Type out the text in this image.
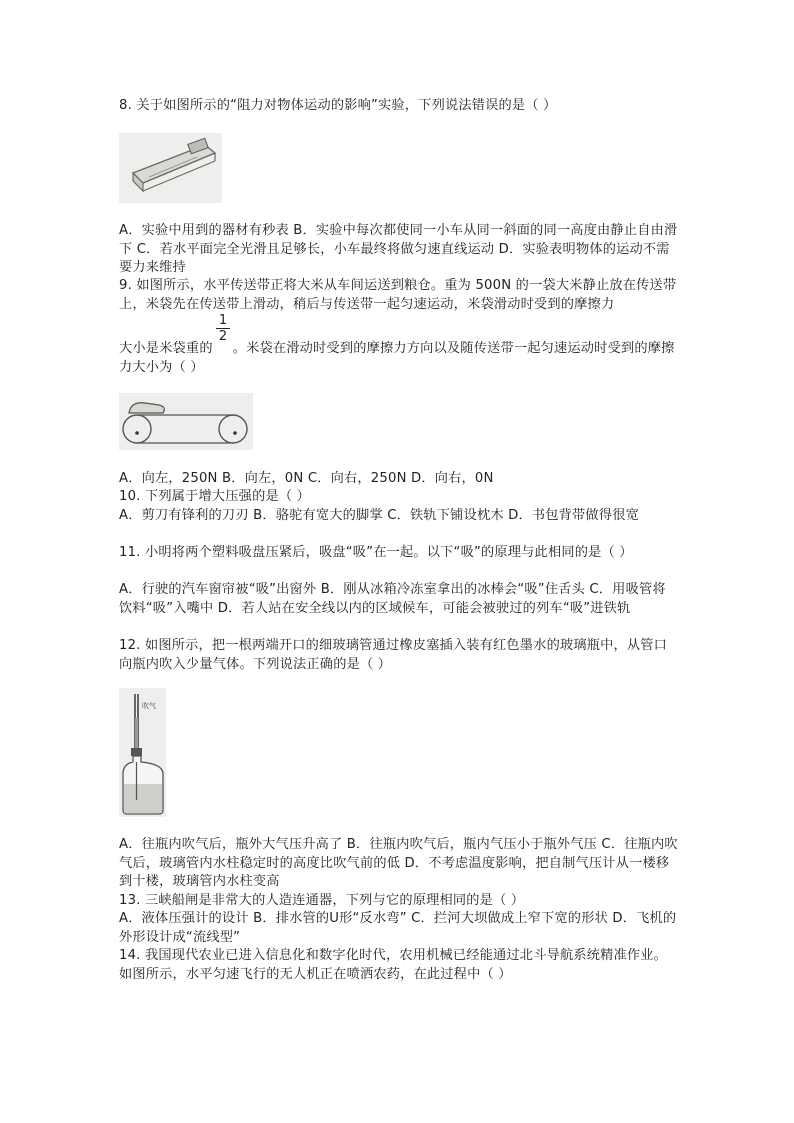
8. 关于如图所示的“阻力对物体运动的影响”实验，下列说法错误的是（ ）
A．实验中用到的器材有秒表 B．实验中每次都使同一小车从同一斜面的同一高度由静止自由滑下 C．若水平面完全光滑且足够长，小车最终将做匀速直线运动 D．实验表明物体的运动不需要力来维持
9. 如图所示，水平传送带正将大米从车间运送到粮仓。重为 500N 的一袋大米静止放在传送带上，米袋先在传送带上滑动，稍后与传送带一起匀速运动，米袋滑动时受到的摩擦力
1
2
大小是米袋重的 。米袋在滑动时受到的摩擦力方向以及随传送带一起匀速运动时受到的摩擦力大小为（ ）
A．向左，250N B．向左，0N C．向右，250N D．向右，0N
10. 下列属于增大压强的是（ ）
A．剪刀有锋利的刀刃 B．骆驼有宽大的脚掌 C．铁轨下铺设枕木 D．书包背带做得很宽
11. 小明将两个塑料吸盘压紧后，吸盘“吸”在一起。以下“吸”的原理与此相同的是（ ）
A．行驶的汽车窗帘被“吸”出窗外 B．刚从冰箱冷冻室拿出的冰棒会“吸”住舌头 C．用吸管将饮料“吸”入嘴中 D．若人站在安全线以内的区域候车，可能会被驶过的列车“吸”进铁轨
12. 如图所示，把一根两端开口的细玻璃管通过橡皮塞插入装有红色墨水的玻璃瓶中，从管口向瓶内吹入少量气体。下列说法正确的是（ ）
吹气
A．往瓶内吹气后，瓶外大气压升高了 B．往瓶内吹气后，瓶内气压小于瓶外气压 C．往瓶内吹气后，玻璃管内水柱稳定时的高度比吹气前的低 D．不考虑温度影响，把自制气压计从一楼移到十楼，玻璃管内水柱变高
13. 三峡船闸是非常大的人造连通器，下列与它的原理相同的是（ ）
A．液体压强计的设计 B．排水管的U形“反水弯” C．拦河大坝做成上窄下宽的形状 D．飞机的外形设计成“流线型”
14. 我国现代农业已进入信息化和数字化时代，农用机械已经能通过北斗导航系统精准作业。如图所示，水平匀速飞行的无人机正在喷洒农药，在此过程中（ ）
